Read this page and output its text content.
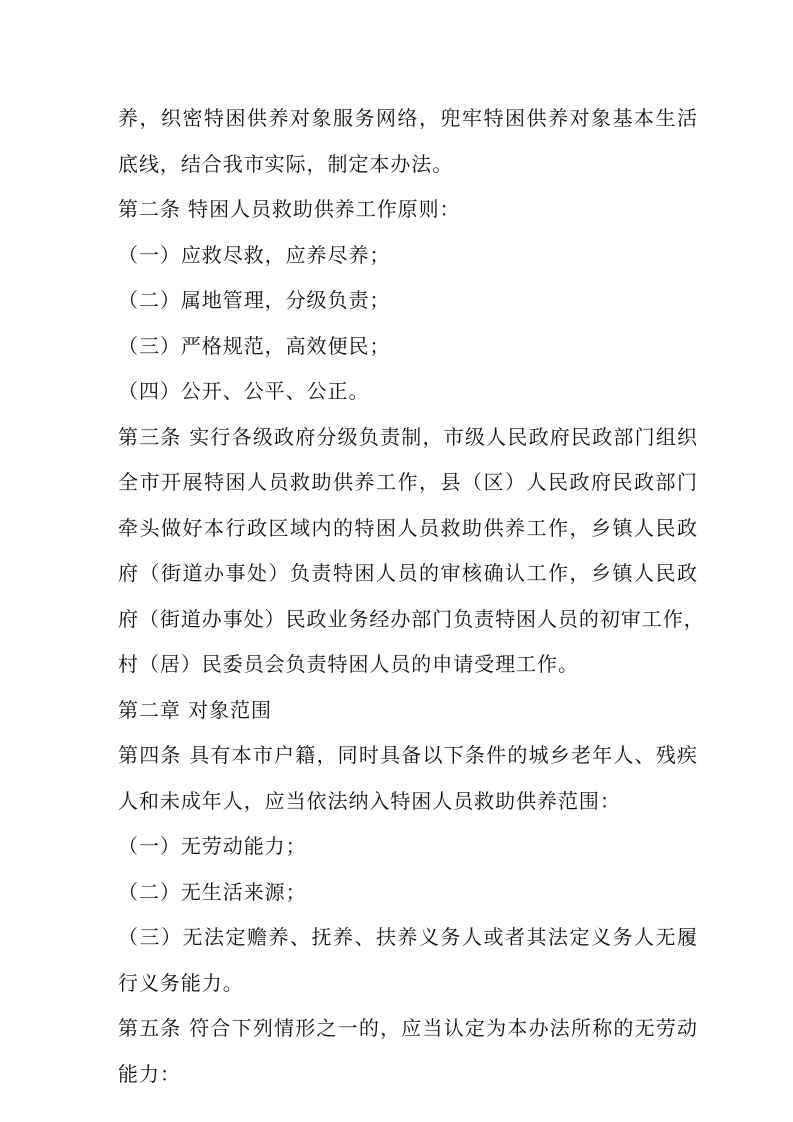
养，织密特困供养对象服务网络，兜牢特困供养对象基本生活
底线，结合我市实际，制定本办法。
第二条 特困人员救助供养工作原则：
（一）应救尽救，应养尽养；
（二）属地管理，分级负责；
（三）严格规范，高效便民；
（四）公开、公平、公正。
第三条 实行各级政府分级负责制，市级人民政府民政部门组织
全市开展特困人员救助供养工作，县（区）人民政府民政部门
牵头做好本行政区域内的特困人员救助供养工作，乡镇人民政
府（街道办事处）负责特困人员的审核确认工作，乡镇人民政
府（街道办事处）民政业务经办部门负责特困人员的初审工作，
村（居）民委员会负责特困人员的申请受理工作。
第二章 对象范围
第四条 具有本市户籍，同时具备以下条件的城乡老年人、残疾
人和未成年人，应当依法纳入特困人员救助供养范围：
（一）无劳动能力；
（二）无生活来源；
（三）无法定赡养、抚养、扶养义务人或者其法定义务人无履
行义务能力。
第五条 符合下列情形之一的，应当认定为本办法所称的无劳动
能力：
